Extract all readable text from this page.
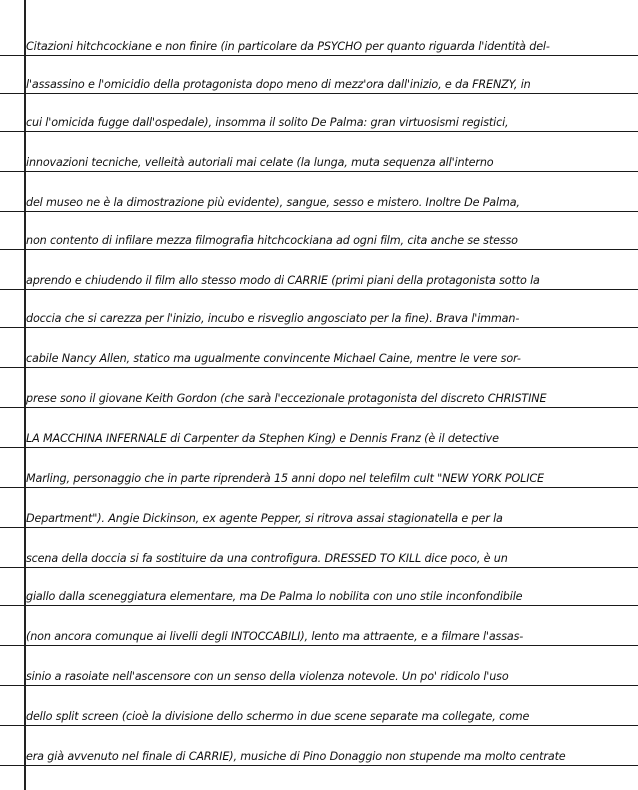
Citazioni hitchcockiane e non finire (in particolare da PSYCHO per quanto riguarda l'identità del-
l'assassino e l'omicidio della protagonista dopo meno di mezz'ora dall'inizio, e da FRENZY, in
cui l'omicida fugge dall'ospedale), insomma il solito De Palma: gran virtuosismi registici,
innovazioni tecniche, velleità autoriali mai celate (la lunga, muta sequenza all'interno
del museo ne è la dimostrazione più evidente), sangue, sesso e mistero. Inoltre De Palma,
non contento di infilare mezza filmografia hitchcockiana ad ogni film, cita anche se stesso
aprendo e chiudendo il film allo stesso modo di CARRIE (primi piani della protagonista sotto la
doccia che si carezza per l'inizio, incubo e risveglio angosciato per la fine). Brava l'imman-
cabile Nancy Allen, statico ma ugualmente convincente Michael Caine, mentre le vere sor-
prese sono il giovane Keith Gordon (che sarà l'eccezionale protagonista del discreto CHRISTINE
LA MACCHINA INFERNALE di Carpenter da Stephen King) e Dennis Franz (è il detective
Marling, personaggio che in parte riprenderà 15 anni dopo nel telefilm cult "NEW YORK POLICE
Department"). Angie Dickinson, ex agente Pepper, si ritrova assai stagionatella e per la
scena della doccia si fa sostituire da una controfigura. DRESSED TO KILL dice poco, è un
giallo dalla sceneggiatura elementare, ma De Palma lo nobilita con uno stile inconfondibile
(non ancora comunque ai livelli degli INTOCCABILI), lento ma attraente, e a filmare l'assas-
sinio a rasoiate nell'ascensore con un senso della violenza notevole. Un po' ridicolo l'uso
dello split screen (cioè la divisione dello schermo in due scene separate ma collegate, come
era già avvenuto nel finale di CARRIE), musiche di Pino Donaggio non stupende ma molto centrate
